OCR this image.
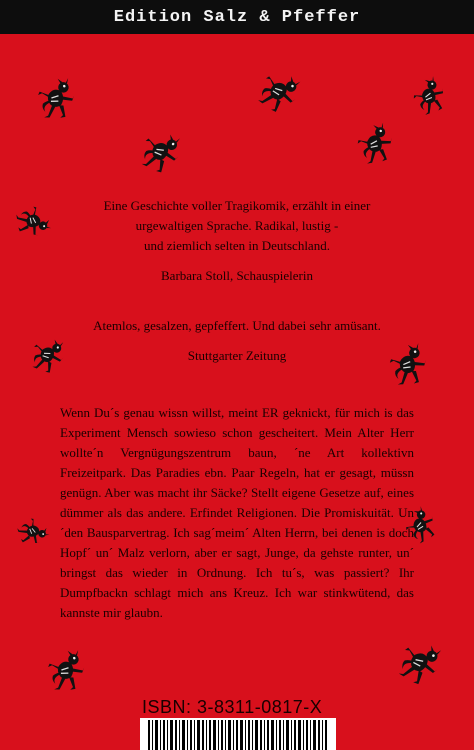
Edition Salz & Pfeffer

Eine Geschichte voller Tragikomik, erzählt in einer

urgewaltigen Sprache. Radikal, lustig -

und ziemlich selten in Deutschland.

Barbara Stoll, Schauspielerin

Atemlos, gesalzen, gepfeffert. Und dabei sehr amüsant.

Stuttgarter Zeitung

Wenn Du´s genau wissn willst, meint ER geknickt, für mich is das Experiment Mensch sowieso schon gescheitert. Mein Alter Herr wollte´n Vergnügungszentrum baun, ´ne Art kollektivn Freizeitpark. Das Paradies ebn. Paar Regeln, hat er gesagt, müssn genügn. Aber was macht ihr Säcke? Stellt eigene Gesetze auf, eines dümmer als das andere. Erfindet Religionen. Die Promiskuität. Un´den Bausparvertrag. Ich sag´meim´ Alten Herrn, bei denen is doch Hopf´ un´ Malz verlorn, aber er sagt, Junge, da gehste runter, un´ bringst das wieder in Ordnung. Ich tu´s, was passiert? Ihr Dumpfbackn schlagt mich ans Kreuz. Ich war stinkwütend, das kannste mir glaubn.

ISBN: 3-8311-0817-X
